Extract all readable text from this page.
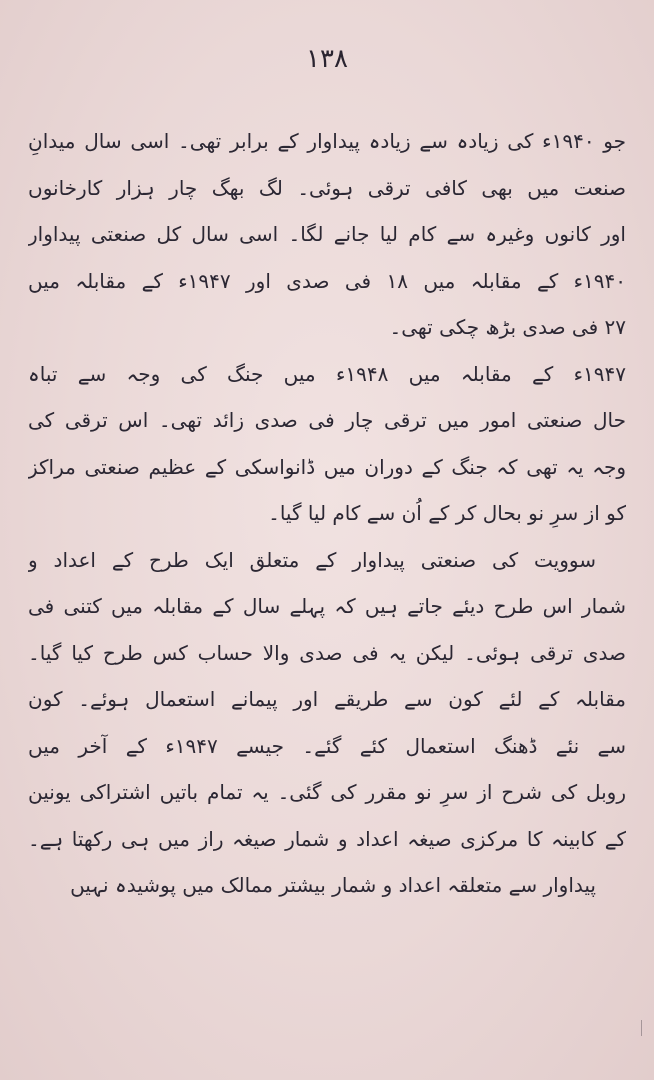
۱۳۸
جو ۱۹۴۰ء کی زیادہ سے زیادہ پیداوار کے برابر تھی۔ اسی سال میدانِ
صنعت میں بھی کافی ترقی ہوئی۔ لگ بھگ چار ہزار کارخانوں
اور کانوں وغیرہ سے کام لیا جانے لگا۔ اسی سال کل صنعتی پیداوار
۱۹۴۰ء کے مقابلہ میں ۱۸ فی صدی اور ۱۹۴۷ء کے مقابلہ میں
۲۷ فی صدی بڑھ چکی تھی۔
۱۹۴۷ء کے مقابلہ میں ۱۹۴۸ء میں جنگ کی وجہ سے تباہ
حال صنعتی امور میں ترقی چار فی صدی زائد تھی۔ اس ترقی کی
وجہ یہ تھی کہ جنگ کے دوران میں ڈانواسکی کے عظیم صنعتی مراکز
کو از سرِ نو بحال کر کے اُن سے کام لیا گیا۔
سوویت کی صنعتی پیداوار کے متعلق ایک طرح کے اعداد و
شمار اس طرح دیئے جاتے ہیں کہ پہلے سال کے مقابلہ میں کتنی فی
صدی ترقی ہوئی۔ لیکن یہ فی صدی والا حساب کس طرح کیا گیا۔
مقابلہ کے لئے کون سے طریقے اور پیمانے استعمال ہوئے۔ کون
سے نئے ڈھنگ استعمال کئے گئے۔ جیسے ۱۹۴۷ء کے آخر میں
روبل کی شرح از سرِ نو مقرر کی گئی۔ یہ تمام باتیں اشتراکی یونین
کے کابینہ کا مرکزی صیغہ اعداد و شمار صیغہ راز میں ہی رکھتا ہے۔
پیداوار سے متعلقہ اعداد و شمار بیشتر ممالک میں پوشیدہ نہیں
